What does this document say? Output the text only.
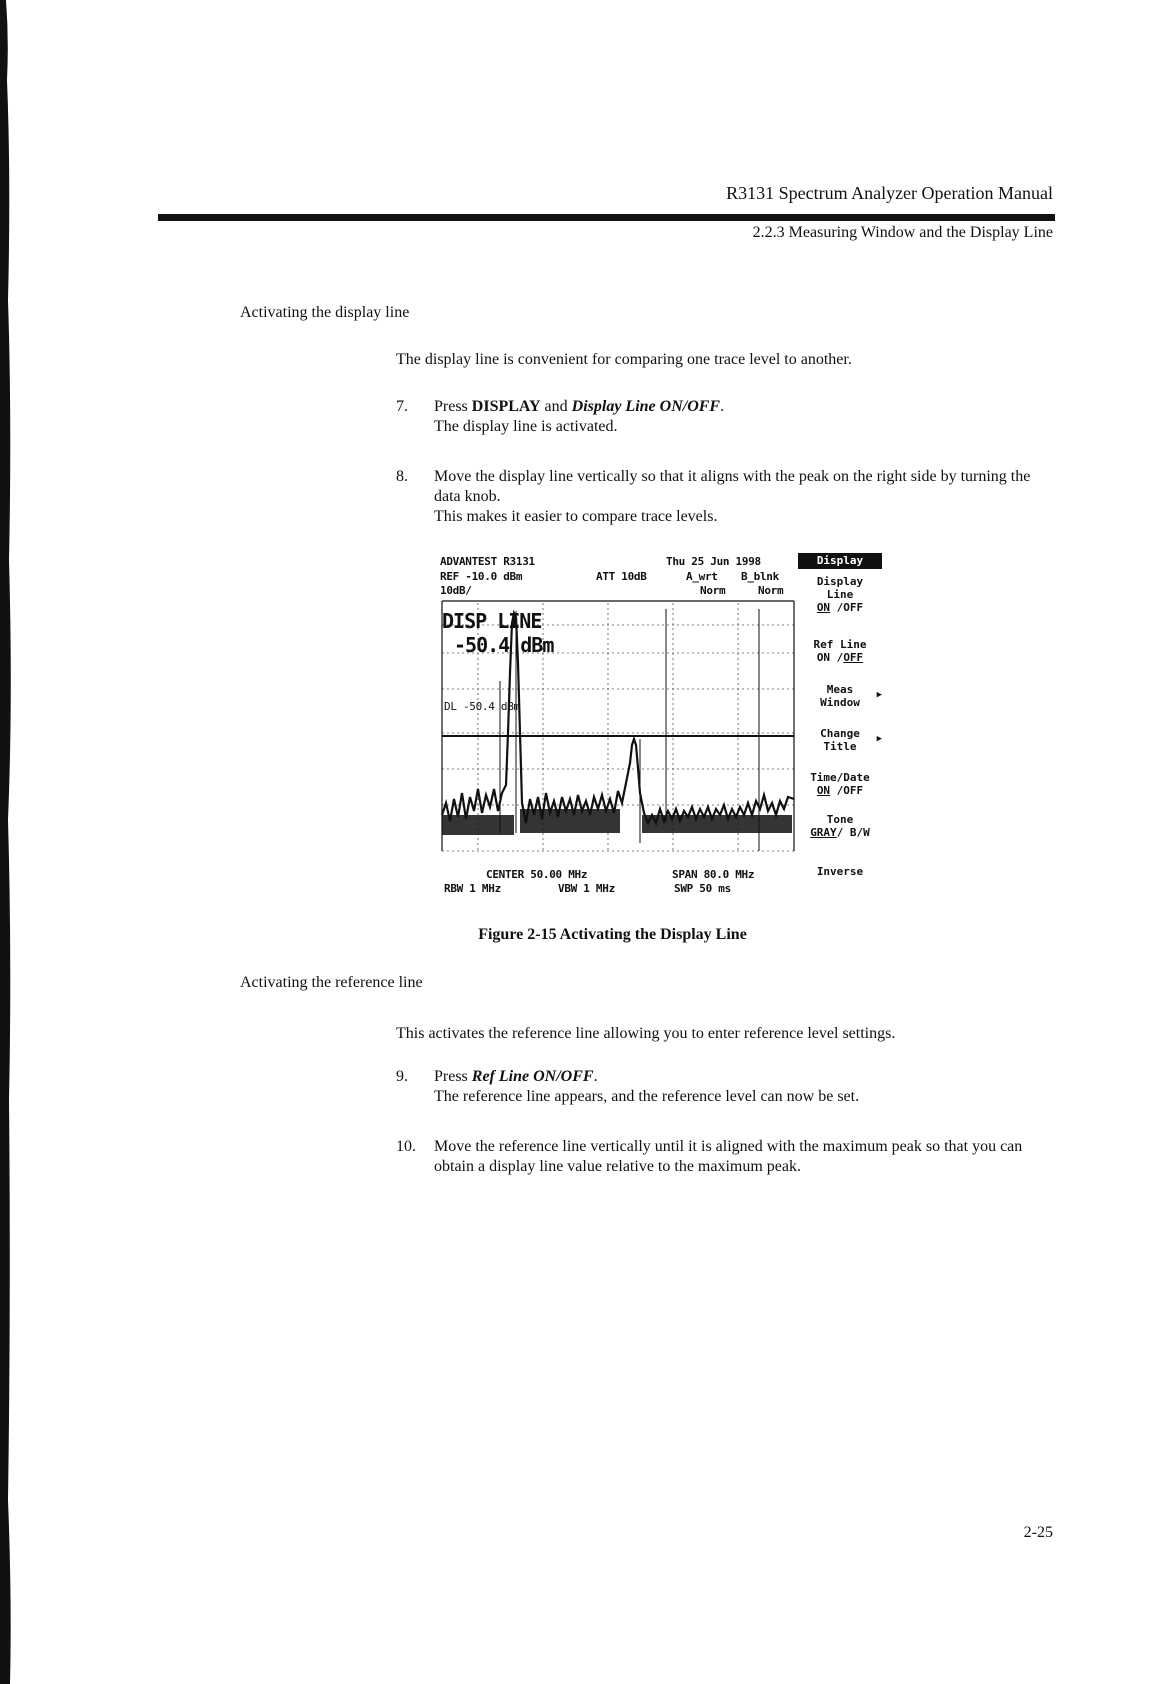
R3131 Spectrum Analyzer Operation Manual
2.2.3 Measuring Window and the Display Line
Activating the display line
The display line is convenient for comparing one trace level to another.
7. Press DISPLAY and Display Line ON/OFF.
The display line is activated.
8. Move the display line vertically so that it aligns with the peak on the right side by turning the data knob.
This makes it easier to compare trace levels.
ADVANTEST R3131	Thu 25 Jun 1998
REF -10.0 dBm	ATT 10dB	A_wrt B_blnk
10dB/	Norm	Norm
DISP LINE
-50.4 dBm
DL -50.4 dBm
CENTER 50.00 MHz	SPAN 80.0 MHz
RBW 1 MHz	VBW 1 MHz	SWP 50 ms
Display
Display
Line
ON /OFF
Ref Line
ON /OFF
Meas
Window
▶
Change
Title
▶
Time/Date
ON /OFF
Tone
GRAY/ B/W
Inverse
Figure 2-15 Activating the Display Line
Activating the reference line
This activates the reference line allowing you to enter reference level settings.
9. Press Ref Line ON/OFF.
The reference line appears, and the reference level can now be set.
10. Move the reference line vertically until it is aligned with the maximum peak so that you can obtain a display line value relative to the maximum peak.
2-25
